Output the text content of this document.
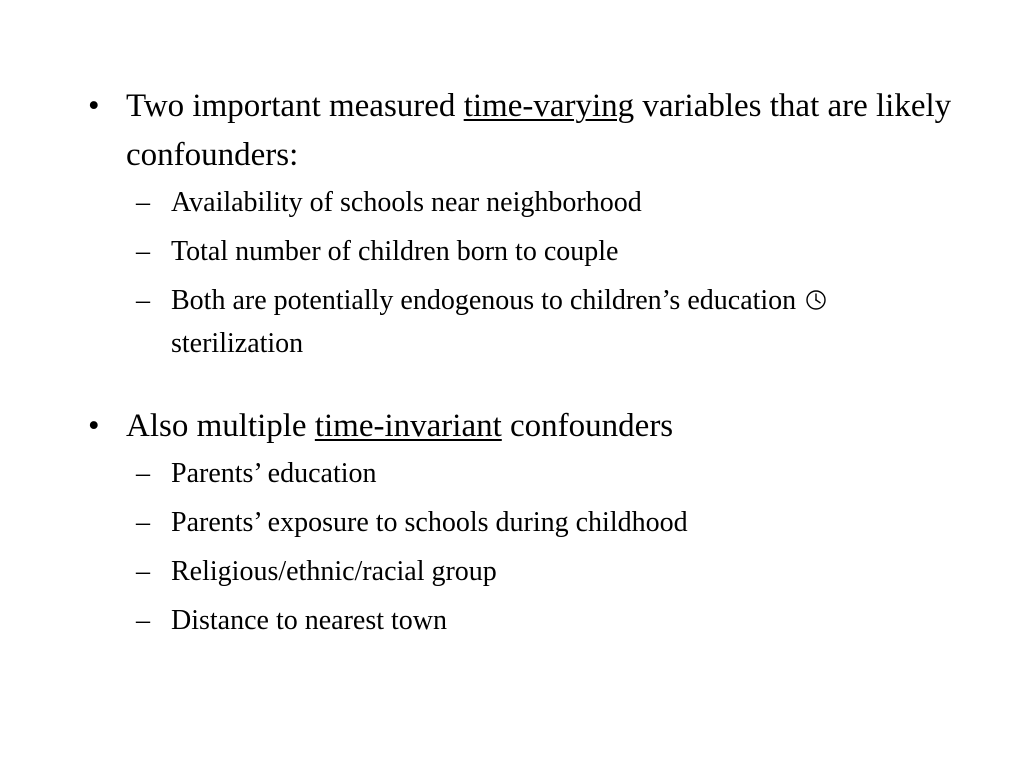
• Two important measured time-varying variables that are likely confounders:
– Availability of schools near neighborhood
– Total number of children born to couple
– Both are potentially endogenous to children’s education  sterilization
• Also multiple time-invariant confounders
– Parents’ education
– Parents’ exposure to schools during childhood
– Religious/ethnic/racial group
– Distance to nearest town
